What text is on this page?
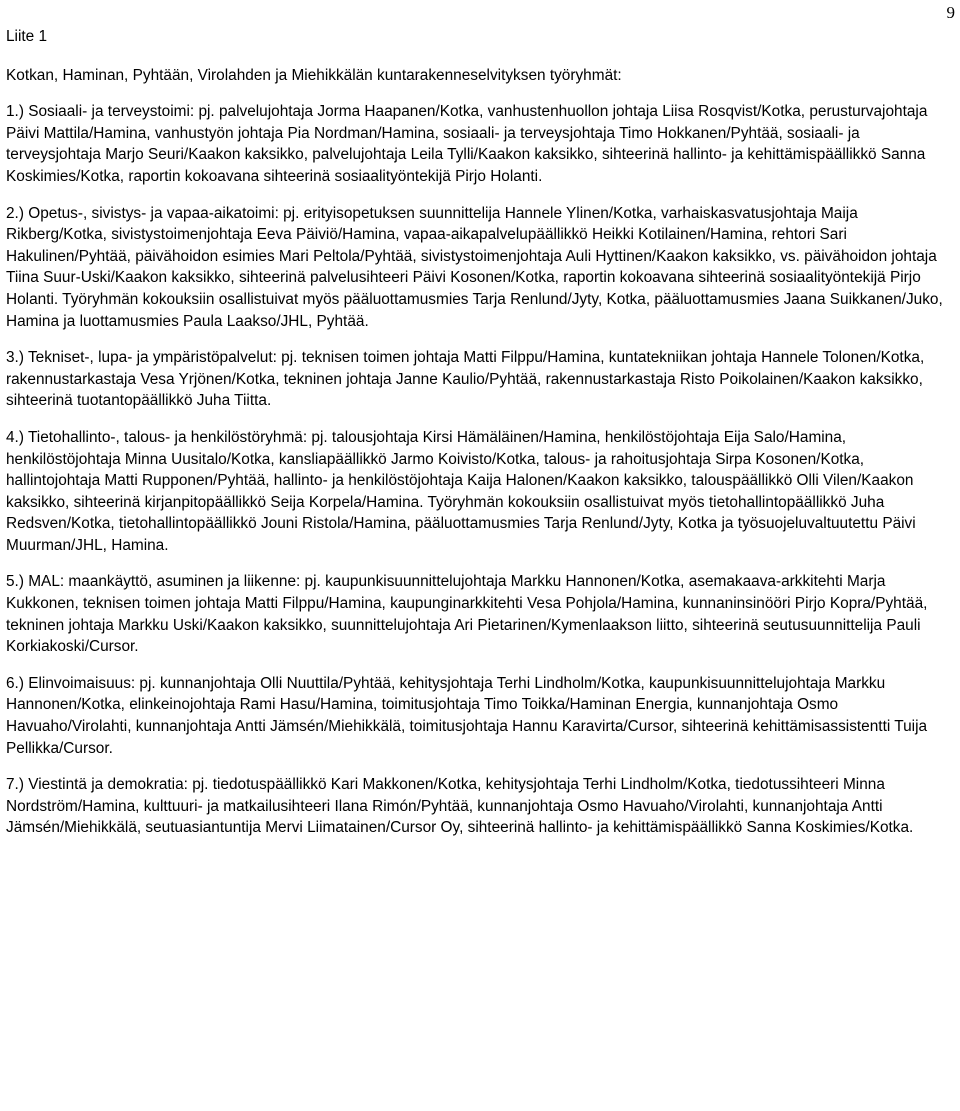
9

Liite 1

Kotkan, Haminan, Pyhtään, Virolahden ja Miehikkälän kuntarakenneselvityksen työryhmät:

1.) Sosiaali- ja terveystoimi: pj. palvelujohtaja Jorma Haapanen/Kotka, vanhustenhuollon johtaja Liisa Rosqvist/Kotka, perusturvajohtaja Päivi Mattila/Hamina, vanhustyön johtaja Pia Nordman/Hamina, sosiaali- ja terveysjohtaja Timo Hokkanen/Pyhtää, sosiaali- ja terveysjohtaja Marjo Seuri/Kaakon kaksikko, palvelujohtaja Leila Tylli/Kaakon kaksikko, sihteerinä hallinto- ja kehittämispäällikkö Sanna Koskimies/Kotka, raportin kokoavana sihteerinä sosiaalityöntekijä Pirjo Holanti.

2.) Opetus-, sivistys- ja vapaa-aikatoimi: pj. erityisopetuksen suunnittelija Hannele Ylinen/Kotka, varhaiskasvatusjohtaja Maija Rikberg/Kotka, sivistystoimenjohtaja Eeva Päiviö/Hamina, vapaa-aikapalvelupäällikkö Heikki Kotilainen/Hamina, rehtori Sari Hakulinen/Pyhtää, päivähoidon esimies Mari Peltola/Pyhtää, sivistystoimenjohtaja Auli Hyttinen/Kaakon kaksikko, vs. päivähoidon johtaja Tiina Suur-Uski/Kaakon kaksikko, sihteerinä palvelusihteeri Päivi Kosonen/Kotka, raportin kokoavana sihteerinä sosiaalityöntekijä Pirjo Holanti. Työryhmän kokouksiin osallistuivat myös pääluottamusmies Tarja Renlund/Jyty, Kotka, pääluottamusmies Jaana Suikkanen/Juko, Hamina ja luottamusmies Paula Laakso/JHL, Pyhtää.

3.) Tekniset-, lupa- ja ympäristöpalvelut: pj. teknisen toimen johtaja Matti Filppu/Hamina, kuntatekniikan johtaja Hannele Tolonen/Kotka, rakennustarkastaja Vesa Yrjönen/Kotka, tekninen johtaja Janne Kaulio/Pyhtää, rakennustarkastaja Risto Poikolainen/Kaakon kaksikko, sihteerinä tuotantopäällikkö Juha Tiitta.

4.) Tietohallinto-, talous- ja henkilöstöryhmä: pj. talousjohtaja Kirsi Hämäläinen/Hamina, henkilöstöjohtaja Eija Salo/Hamina, henkilöstöjohtaja Minna Uusitalo/Kotka, kansliapäällikkö Jarmo Koivisto/Kotka, talous- ja rahoitusjohtaja Sirpa Kosonen/Kotka, hallintojohtaja Matti Rupponen/Pyhtää, hallinto- ja henkilöstöjohtaja Kaija Halonen/Kaakon kaksikko, talouspäällikkö Olli Vilen/Kaakon kaksikko, sihteerinä kirjanpitopäällikkö Seija Korpela/Hamina. Työryhmän kokouksiin osallistuivat myös tietohallintopäällikkö Juha Redsven/Kotka, tietohallintopäällikkö Jouni Ristola/Hamina, pääluottamusmies Tarja Renlund/Jyty, Kotka ja työsuojeluvaltuutettu Päivi Muurman/JHL, Hamina.

5.) MAL: maankäyttö, asuminen ja liikenne: pj. kaupunkisuunnittelujohtaja Markku Hannonen/Kotka, asemakaava-arkkitehti Marja Kukkonen, teknisen toimen johtaja Matti Filppu/Hamina, kaupunginarkkitehti Vesa Pohjola/Hamina, kunnaninsinööri Pirjo Kopra/Pyhtää, tekninen johtaja Markku Uski/Kaakon kaksikko, suunnittelujohtaja Ari Pietarinen/Kymenlaakson liitto, sihteerinä seutusuunnittelija Pauli Korkiakoski/Cursor.

6.) Elinvoimaisuus: pj. kunnanjohtaja Olli Nuuttila/Pyhtää, kehitysjohtaja Terhi Lindholm/Kotka, kaupunkisuunnittelujohtaja Markku Hannonen/Kotka, elinkeinojohtaja Rami Hasu/Hamina, toimitusjohtaja Timo Toikka/Haminan Energia, kunnanjohtaja Osmo Havuaho/Virolahti, kunnanjohtaja Antti Jämsén/Miehikkälä, toimitusjohtaja Hannu Karavirta/Cursor, sihteerinä kehittämisassistentti Tuija Pellikka/Cursor.

7.) Viestintä ja demokratia: pj. tiedotuspäällikkö Kari Makkonen/Kotka, kehitysjohtaja Terhi Lindholm/Kotka, tiedotussihteeri Minna Nordström/Hamina, kulttuuri- ja matkailusihteeri Ilana Rimón/Pyhtää, kunnanjohtaja Osmo Havuaho/Virolahti, kunnanjohtaja Antti Jämsén/Miehikkälä, seutuasiantuntija Mervi Liimatainen/Cursor Oy, sihteerinä hallinto- ja kehittämispäällikkö Sanna Koskimies/Kotka.
